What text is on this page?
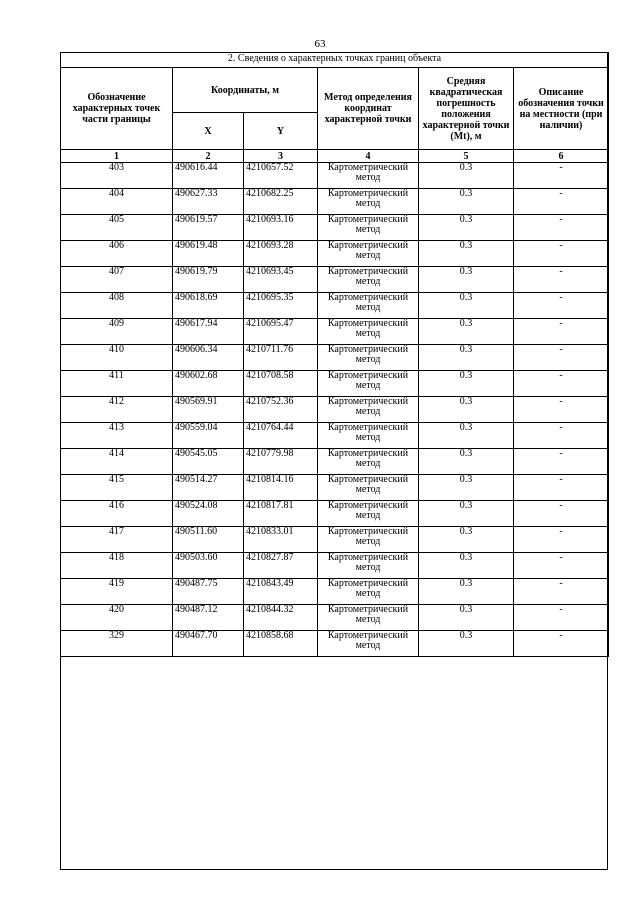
63
2. Сведения о характерных точках границ объекта					
Обозначение характерных точек части границы	Координаты, м		Метод определения координат характерной точки	Средняя квадратическая погрешность положения характерной точки (Mt), м	Описание обозначения точки на местности (при наличии)
	X	Y			
1	2	3	4	5	6
403	490616.44	4210657.52	Картометрический метод	0.3	-
404	490627.33	4210682.25	Картометрический метод	0.3	-
405	490619.57	4210693.16	Картометрический метод	0.3	-
406	490619.48	4210693.28	Картометрический метод	0.3	-
407	490619.79	4210693.45	Картометрический метод	0.3	-
408	490618.69	4210695.35	Картометрический метод	0.3	-
409	490617.94	4210695.47	Картометрический метод	0.3	-
410	490606.34	4210711.76	Картометрический метод	0.3	-
411	490602.68	4210708.58	Картометрический метод	0.3	-
412	490569.91	4210752.36	Картометрический метод	0.3	-
413	490559.04	4210764.44	Картометрический метод	0.3	-
414	490545.05	4210779.98	Картометрический метод	0.3	-
415	490514.27	4210814.16	Картометрический метод	0.3	-
416	490524.08	4210817.81	Картометрический метод	0.3	-
417	490511.60	4210833.01	Картометрический метод	0.3	-
418	490503.60	4210827.87	Картометрический метод	0.3	-
419	490487.75	4210843.49	Картометрический метод	0.3	-
420	490487.12	4210844.32	Картометрический метод	0.3	-
329	490467.70	4210858.68	Картометрический метод	0.3	-
